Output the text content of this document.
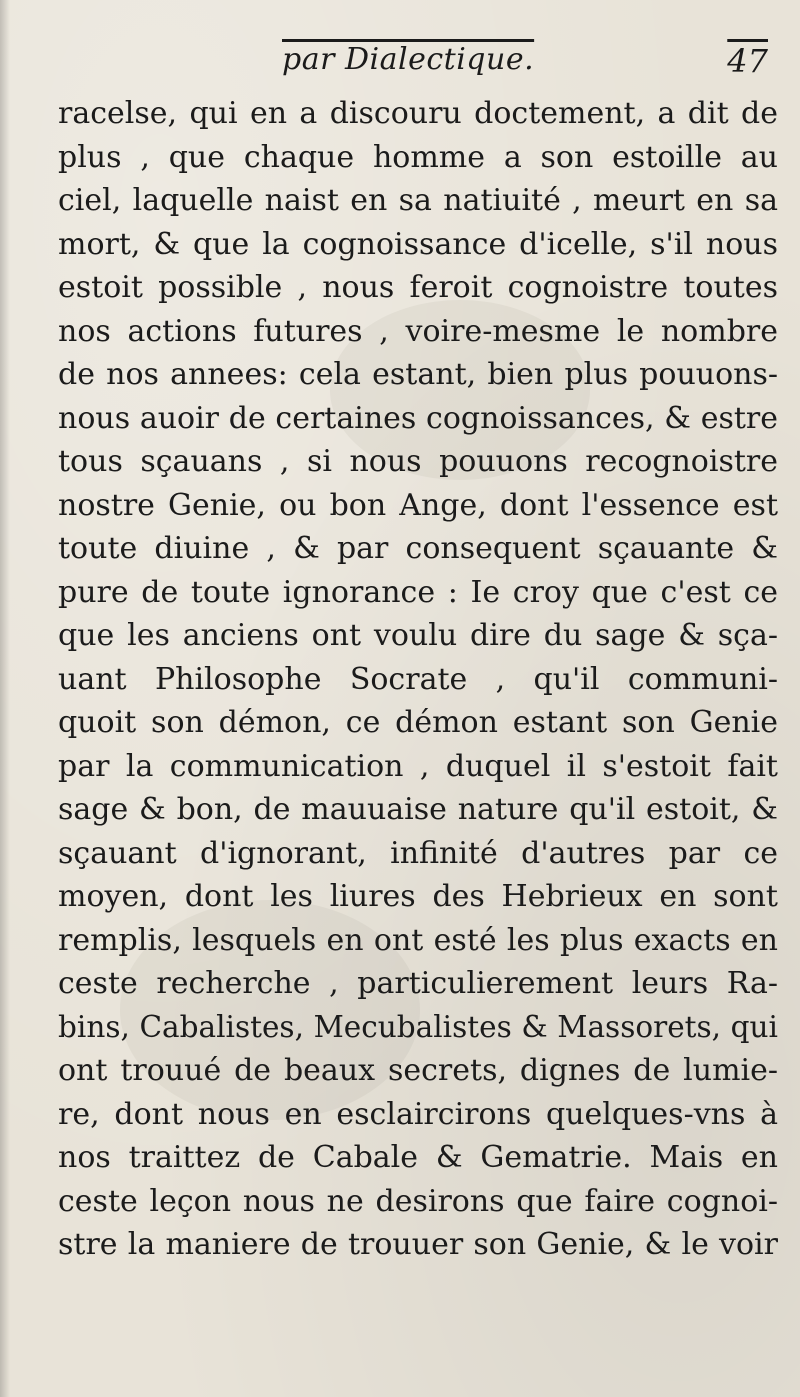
par Dialectique.	47
racelse, qui en a discouru doctement, a dit de
plus , que chaque homme a son estoille au
ciel, laquelle naist en sa natiuité , meurt en sa
mort, & que la cognoissance d'icelle, s'il nous
estoit possible , nous feroit cognoistre toutes
nos actions futures , voire-mesme le nombre
de nos annees: cela estant, bien plus pouuons-
nous auoir de certaines cognoissances, & estre
tous sçauans , si nous pouuons recognoistre
nostre Genie, ou bon Ange, dont l'essence est
toute diuine , & par consequent sçauante &
pure de toute ignorance : Ie croy que c'est ce
que les anciens ont voulu dire du sage & sça-
uant Philosophe Socrate , qu'il communi-
quoit son démon, ce démon estant son Genie
par la communication , duquel il s'estoit fait
sage & bon, de mauuaise nature qu'il estoit, &
sçauant d'ignorant, infinité d'autres par ce
moyen, dont les liures des Hebrieux en sont
remplis, lesquels en ont esté les plus exacts en
ceste recherche , particulierement leurs Ra-
bins, Cabalistes, Mecubalistes & Massorets, qui
ont trouué de beaux secrets, dignes de lumie-
re, dont nous en esclaircirons quelques-vns à
nos traittez de Cabale & Gematrie. Mais en
ceste leçon nous ne desirons que faire cognoi-
stre la maniere de trouuer son Genie, & le voir
